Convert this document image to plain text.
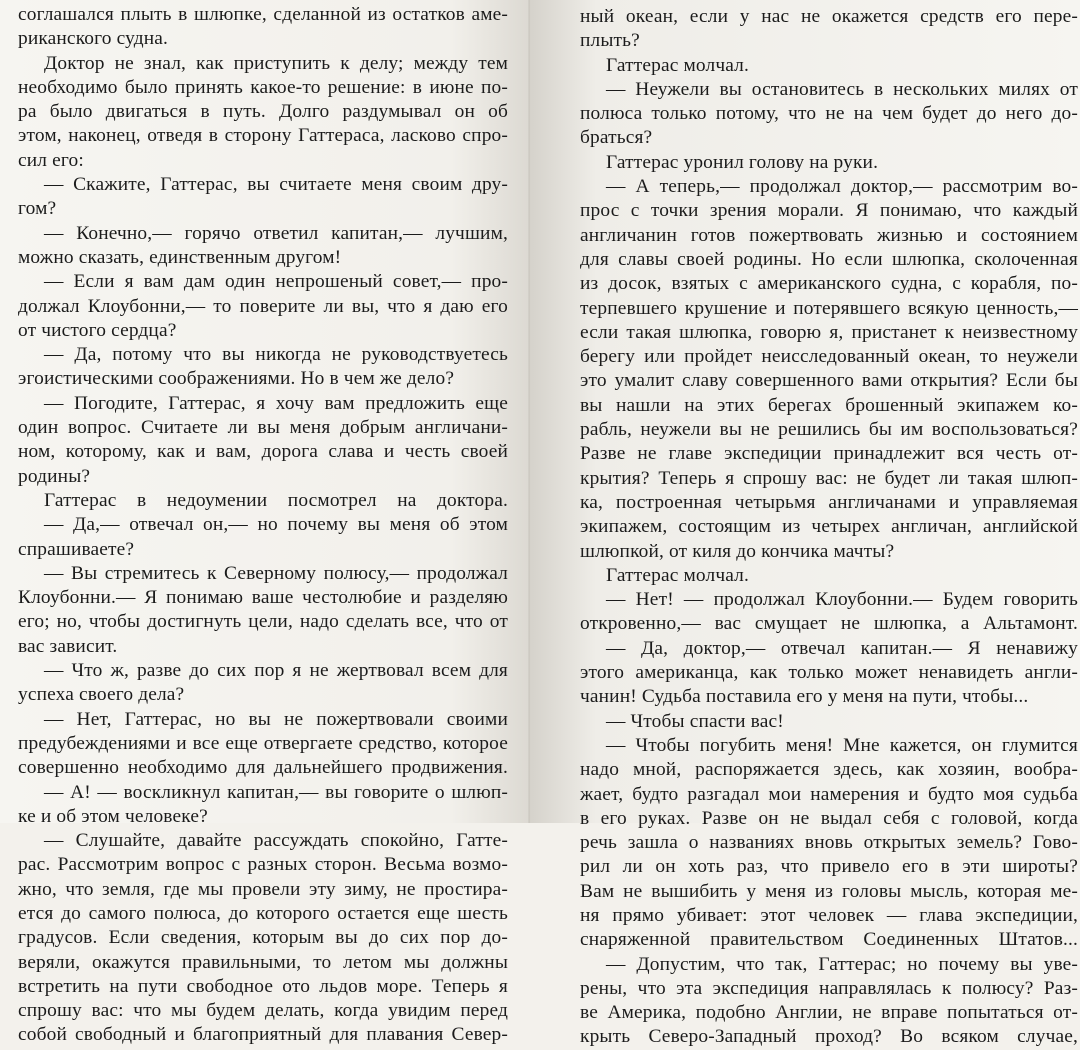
соглашался плыть в шлюпке, сделанной из остатков аме-
риканского судна.
Доктор не знал, как приступить к делу; между тем
необходимо было принять какое-то решение: в июне по-
ра было двигаться в путь. Долго раздумывал он об
этом, наконец, отведя в сторону Гаттераса, ласково спро-
сил его:
— Скажите, Гаттерас, вы считаете меня своим дру-
гом?
— Конечно,— горячо ответил капитан,— лучшим,
можно сказать, единственным другом!
— Если я вам дам один непрошеный совет,— про-
должал Клоубонни,— то поверите ли вы, что я даю его
от чистого сердца?
— Да, потому что вы никогда не руководствуетесь
эгоистическими соображениями. Но в чем же дело?
— Погодите, Гаттерас, я хочу вам предложить еще
один вопрос. Считаете ли вы меня добрым англичани-
ном, которому, как и вам, дорога слава и честь своей
родины?
Гаттерас в недоумении посмотрел на доктора.
— Да,— отвечал он,— но почему вы меня об этом
спрашиваете?
— Вы стремитесь к Северному полюсу,— продолжал
Клоубонни.— Я понимаю ваше честолюбие и разделяю
его; но, чтобы достигнуть цели, надо сделать все, что от
вас зависит.
— Что ж, разве до сих пор я не жертвовал всем для
успеха своего дела?
— Нет, Гаттерас, но вы не пожертвовали своими
предубеждениями и все еще отвергаете средство, которое
совершенно необходимо для дальнейшего продвижения.
— А! — воскликнул капитан,— вы говорите о шлюп-
ке и об этом человеке?
— Слушайте, давайте рассуждать спокойно, Гатте-
рас. Рассмотрим вопрос с разных сторон. Весьма возмо-
жно, что земля, где мы провели эту зиму, не простира-
ется до самого полюса, до которого остается еще шесть
градусов. Если сведения, которым вы до сих пор до-
веряли, окажутся правильными, то летом мы должны
встретить на пути свободное ото льдов море. Теперь я
спрошу вас: что мы будем делать, когда увидим перед
собой свободный и благоприятный для плавания Север-
ный океан, если у нас не окажется средств его пере-
плыть?
Гаттерас молчал.
— Неужели вы остановитесь в нескольких милях от
полюса только потому, что не на чем будет до него до-
браться?
Гаттерас уронил голову на руки.
— А теперь,— продолжал доктор,— рассмотрим во-
прос с точки зрения морали. Я понимаю, что каждый
англичанин готов пожертвовать жизнью и состоянием
для славы своей родины. Но если шлюпка, сколоченная
из досок, взятых с американского судна, с корабля, по-
терпевшего крушение и потерявшего всякую ценность,—
если такая шлюпка, говорю я, пристанет к неизвестному
берегу или пройдет неисследованный океан, то неужели
это умалит славу совершенного вами открытия? Если бы
вы нашли на этих берегах брошенный экипажем ко-
рабль, неужели вы не решились бы им воспользоваться?
Разве не главе экспедиции принадлежит вся честь от-
крытия? Теперь я спрошу вас: не будет ли такая шлюп-
ка, построенная четырьмя англичанами и управляемая
экипажем, состоящим из четырех англичан, английской
шлюпкой, от киля до кончика мачты?
Гаттерас молчал.
— Нет! — продолжал Клоубонни.— Будем говорить
откровенно,— вас смущает не шлюпка, а Альтамонт.
— Да, доктор,— отвечал капитан.— Я ненавижу
этого американца, как только может ненавидеть англи-
чанин! Судьба поставила его у меня на пути, чтобы...
— Чтобы спасти вас!
— Чтобы погубить меня! Мне кажется, он глумится
надо мной, распоряжается здесь, как хозяин, вообра-
жает, будто разгадал мои намерения и будто моя судьба
в его руках. Разве он не выдал себя с головой, когда
речь зашла о названиях вновь открытых земель? Гово-
рил ли он хоть раз, что привело его в эти широты?
Вам не вышибить у меня из головы мысль, которая ме-
ня прямо убивает: этот человек — глава экспедиции,
снаряженной правительством Соединенных Штатов...
— Допустим, что так, Гаттерас; но почему вы уве-
рены, что эта экспедиция направлялась к полюсу? Раз-
ве Америка, подобно Англии, не вправе попытаться от-
крыть Северо-Западный проход? Во всяком случае,
